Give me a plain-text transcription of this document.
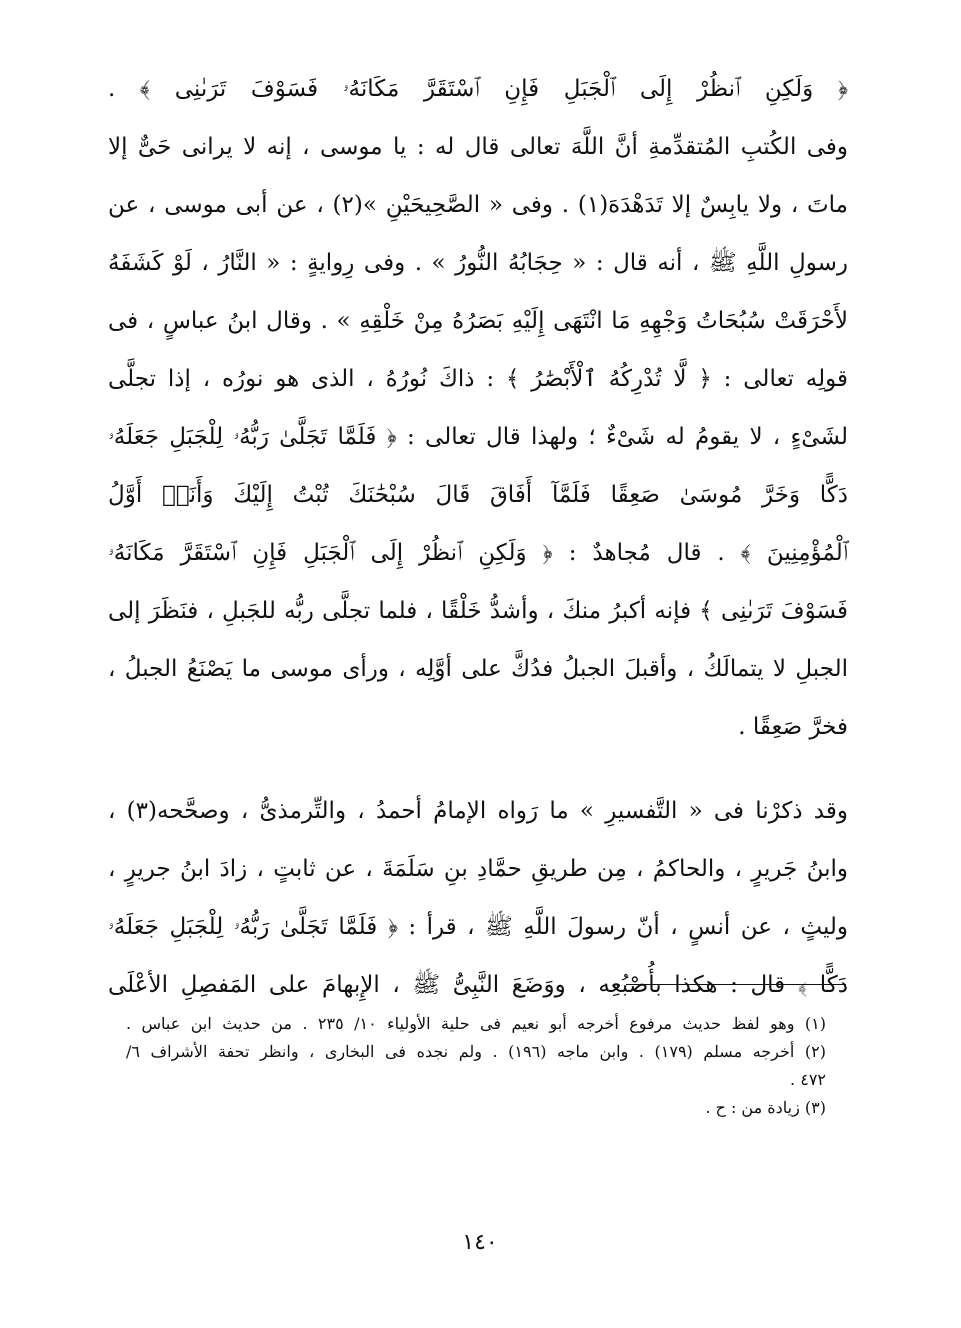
﴿ وَلَكِنِ ٱنظُرْ إِلَى ٱلْجَبَلِ فَإِنِ ٱسْتَقَرَّ مَكَانَهُۥ فَسَوْفَ تَرَىٰنِى ﴾ .
وفى الكُتبِ المُتقدِّمةِ أنَّ اللَّهَ تعالى قال له : يا موسى ، إنه لا يرانى حَىٌّ إلا
ماتَ ، ولا يابِسٌ إلا تَدَهْدَهَ(١) . وفى « الصَّحِيحَيْنِ »(٢) ، عن أبى موسى ، عن
رسولِ اللَّهِ ﷺ ، أنه قال : « حِجَابُهُ النُّورُ » . وفى رِوايةٍ : « النَّارُ ، لَوْ كَشَفَهُ
لأَحْرَقَتْ سُبُحَاتُ وَجْهِهِ مَا انْتَهَى إِلَيْهِ بَصَرُهُ مِنْ خَلْقِهِ » . وقال ابنُ عباسٍ ، فى
قولِه تعالى : ﴿ لَّا تُدْرِكُهُ ٱلْأَبْصَٰرُ ﴾ : ذاكَ نُورُهُ ، الذى هو نورُه ، إذا تجلَّى
لشَىْءٍ ، لا يقومُ له شَىْءٌ ؛ ولهذا قال تعالى : ﴿ فَلَمَّا تَجَلَّىٰ رَبُّهُۥ لِلْجَبَلِ جَعَلَهُۥ
دَكًّا وَخَرَّ مُوسَىٰ صَعِقًا فَلَمَّآ أَفَاقَ قَالَ سُبْحَٰنَكَ تُبْتُ إِلَيْكَ وَأَنَا۠ أَوَّلُ
ٱلْمُؤْمِنِينَ ﴾ . قال مُجاهدٌ : ﴿ وَلَكِنِ ٱنظُرْ إِلَى ٱلْجَبَلِ فَإِنِ ٱسْتَقَرَّ مَكَانَهُۥ
فَسَوْفَ تَرَىٰنِى ﴾ فإنه أكبرُ منكَ ، وأشدُّ خَلْقًا ، فلما تجلَّى ربُّه للجَبلِ ، فنَظَرَ إلى
الجبلِ لا يتمالَكُ ، وأقبلَ الجبلُ فدُكَّ على أوَّلِه ، ورأى موسى ما يَصْنَعُ الجبلُ ،
فخرَّ صَعِقًا .
وقد ذكرْنا فى « التَّفسيرِ » ما رَواه الإمامُ أحمدُ ، والتِّرمذىُّ ، وصحَّحه(٣) ،
وابنُ جَريرٍ ، والحاكمُ ، مِن طريقِ حمَّادِ بنِ سَلَمَةَ ، عن ثابتٍ ، زادَ ابنُ جريرٍ ،
وليثٍ ، عن أنسٍ ، أنّ رسولَ اللَّهِ ﷺ ، قرأ : ﴿ فَلَمَّا تَجَلَّىٰ رَبُّهُۥ لِلْجَبَلِ جَعَلَهُۥ
دَكًّا ﴾ قال : هكذا بأُصْبُعِه ، ووَضَعَ النَّبِىُّ ﷺ ، الإِبهامَ على المَفصِلِ الأعْلَى
(١) وهو لفظ حديث مرفوع أخرجه أبو نعيم فى حلية الأولياء ١٠/ ٢٣٥ . من حديث ابن عباس .
(٢) أخرجه مسلم (١٧٩) . وابن ماجه (١٩٦) . ولم نجده فى البخارى ، وانظر تحفة الأشراف ٦/
٤٧٢ .
(٣) زيادة من : ح .
١٤٠
